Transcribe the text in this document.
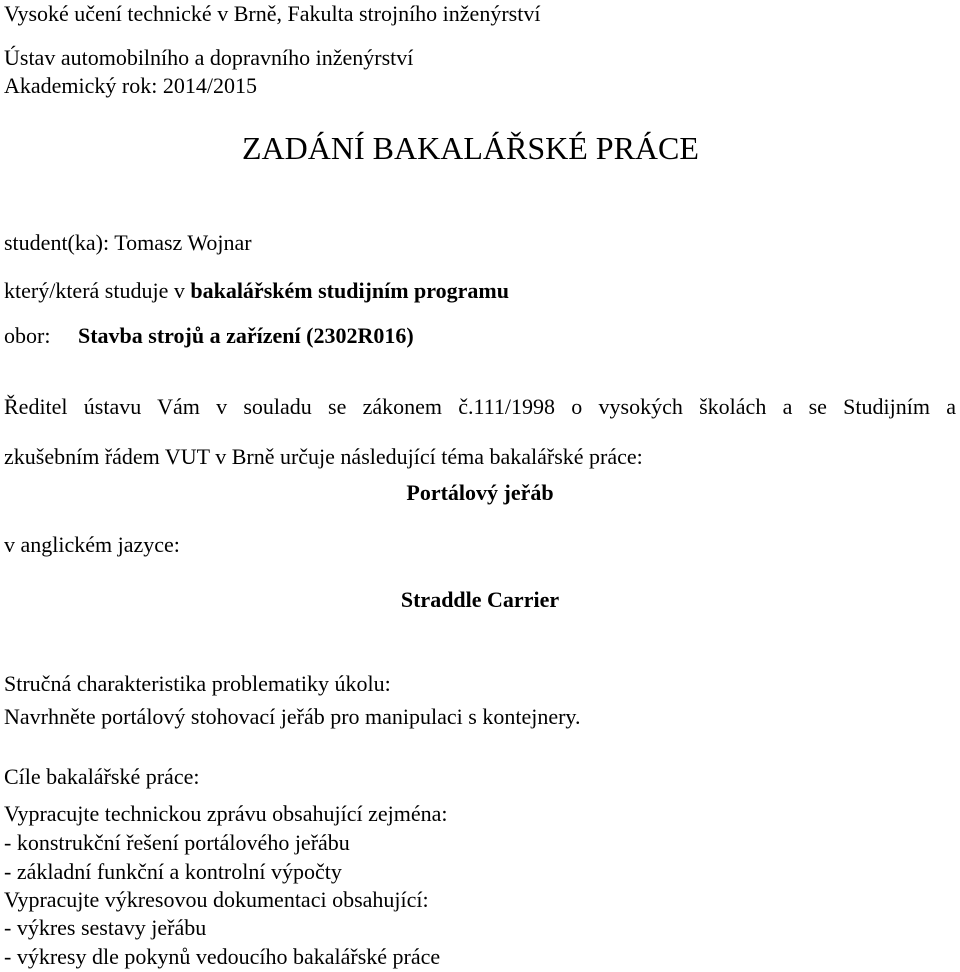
Vysoké učení technické v Brně, Fakulta strojního inženýrství
Ústav automobilního a dopravního inženýrství
Akademický rok: 2014/2015
ZADÁNÍ BAKALÁŘSKÉ PRÁCE
student(ka): Tomasz Wojnar
který/která studuje v bakalářském studijním programu
obor: Stavba strojů a zařízení (2302R016)
Ředitel ústavu Vám v souladu se zákonem č.111/1998 o vysokých školách a se Studijním a
zkušebním řádem VUT v Brně určuje následující téma bakalářské práce:
Portálový jeřáb
v anglickém jazyce:
Straddle Carrier
Stručná charakteristika problematiky úkolu:
Navrhněte portálový stohovací jeřáb pro manipulaci s kontejnery.
Cíle bakalářské práce:
Vypracujte technickou zprávu obsahující zejména:
- konstrukční řešení portálového jeřábu
- základní funkční a kontrolní výpočty
Vypracujte výkresovou dokumentaci obsahující:
- výkres sestavy jeřábu
- výkresy dle pokynů vedoucího bakalářské práce
